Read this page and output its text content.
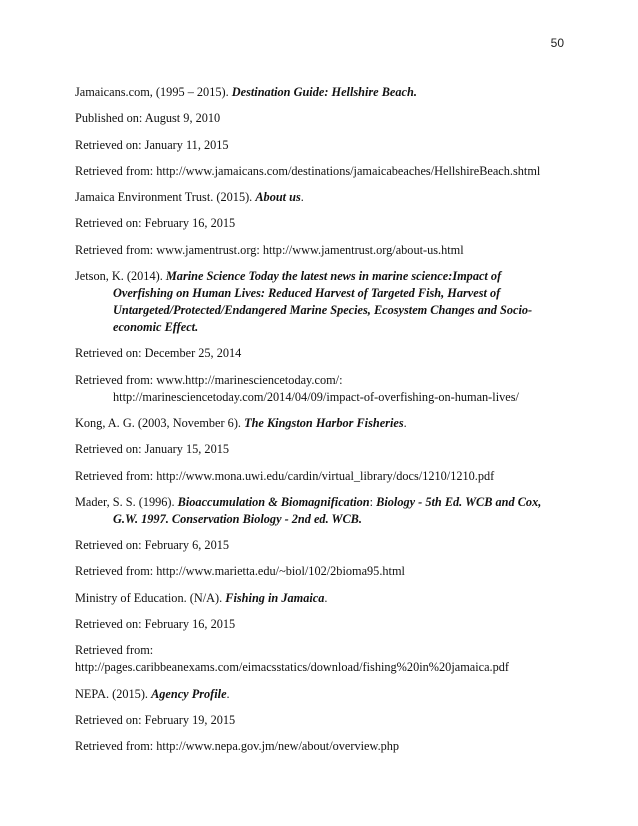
50
Jamaicans.com, (1995 – 2015). Destination Guide: Hellshire Beach.
Published on: August 9, 2010
Retrieved on: January 11, 2015
Retrieved from: http://www.jamaicans.com/destinations/jamaicabeaches/HellshireBeach.shtml
Jamaica Environment Trust. (2015). About us.
Retrieved on: February 16, 2015
Retrieved from: www.jamentrust.org: http://www.jamentrust.org/about-us.html
Jetson, K. (2014). Marine Science Today the latest news in marine science:Impact of
Overfishing on Human Lives: Reduced Harvest of Targeted Fish, Harvest of
Untargeted/Protected/Endangered Marine Species, Ecosystem Changes and Socio-
economic Effect.
Retrieved on: December 25, 2014
Retrieved from: www.http://marinesciencetoday.com/:
http://marinesciencetoday.com/2014/04/09/impact-of-overfishing-on-human-lives/
Kong, A. G. (2003, November 6). The Kingston Harbor Fisheries.
Retrieved on: January 15, 2015
Retrieved from: http://www.mona.uwi.edu/cardin/virtual_library/docs/1210/1210.pdf
Mader, S. S. (1996). Bioaccumulation & Biomagnification: Biology - 5th Ed. WCB and Cox,
G.W. 1997. Conservation Biology - 2nd ed. WCB.
Retrieved on: February 6, 2015
Retrieved from: http://www.marietta.edu/~biol/102/2bioma95.html
Ministry of Education. (N/A). Fishing in Jamaica.
Retrieved on: February 16, 2015
Retrieved from:
http://pages.caribbeanexams.com/eimacsstatics/download/fishing%20in%20jamaica.pdf
NEPA. (2015). Agency Profile.
Retrieved on: February 19, 2015
Retrieved from: http://www.nepa.gov.jm/new/about/overview.php
